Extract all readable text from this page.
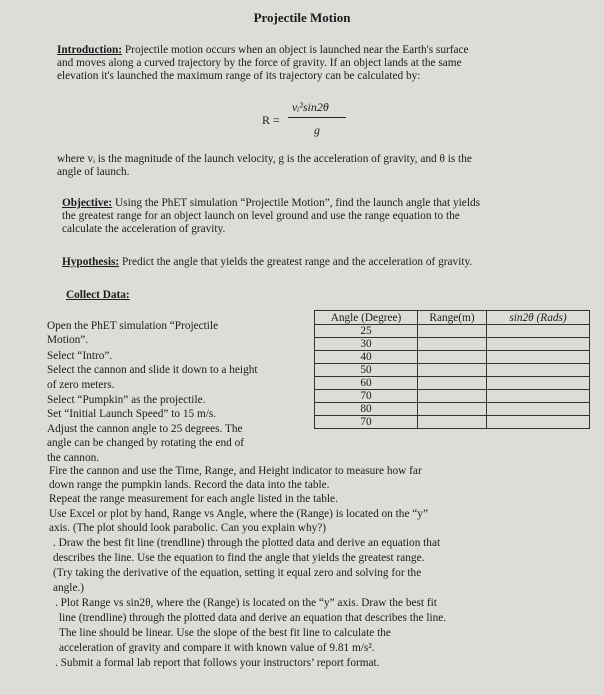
Projectile Motion
Introduction: Projectile motion occurs when an object is launched near the Earth's surface
and moves along a curved trajectory by the force of gravity. If an object lands at the same
elevation it's launched the maximum range of its trajectory can be calculated by:
R =
vᵢ²sin2θ
g
where vᵢ is the magnitude of the launch velocity, g is the acceleration of gravity, and θ is the
angle of launch.
Objective: Using the PhET simulation “Projectile Motion”, find the launch angle that yields
the greatest range for an object launch on level ground and use the range equation to the
calculate the acceleration of gravity.
Hypothesis: Predict the angle that yields the greatest range and the acceleration of gravity.
Collect Data:
Open the PhET simulation “Projectile
Motion”.
Select “Intro”.
Select the cannon and slide it down to a height
of zero meters.
Select “Pumpkin” as the projectile.
Set “Initial Launch Speed” to 15 m/s.
Adjust the cannon angle to 25 degrees. The
angle can be changed by rotating the end of
the cannon.
Angle (Degree)	Range(m)	sin2θ (Rads)
25		
30		
40		
50		
60		
70		
80		
70		
Fire the cannon and use the Time, Range, and Height indicator to measure how far
down range the pumpkin lands. Record the data into the table.
Repeat the range measurement for each angle listed in the table.
Use Excel or plot by hand, Range vs Angle, where the (Range) is located on the “y”
axis. (The plot should look parabolic. Can you explain why?)
. Draw the best fit line (trendline) through the plotted data and derive an equation that
describes the line. Use the equation to find the angle that yields the greatest range.
(Try taking the derivative of the equation, setting it equal zero and solving for the
angle.)
. Plot Range vs sin2θ, where the (Range) is located on the “y” axis. Draw the best fit
line (trendline) through the plotted data and derive an equation that describes the line.
The line should be linear. Use the slope of the best fit line to calculate the
acceleration of gravity and compare it with known value of 9.81 m/s².
. Submit a formal lab report that follows your instructors’ report format.
